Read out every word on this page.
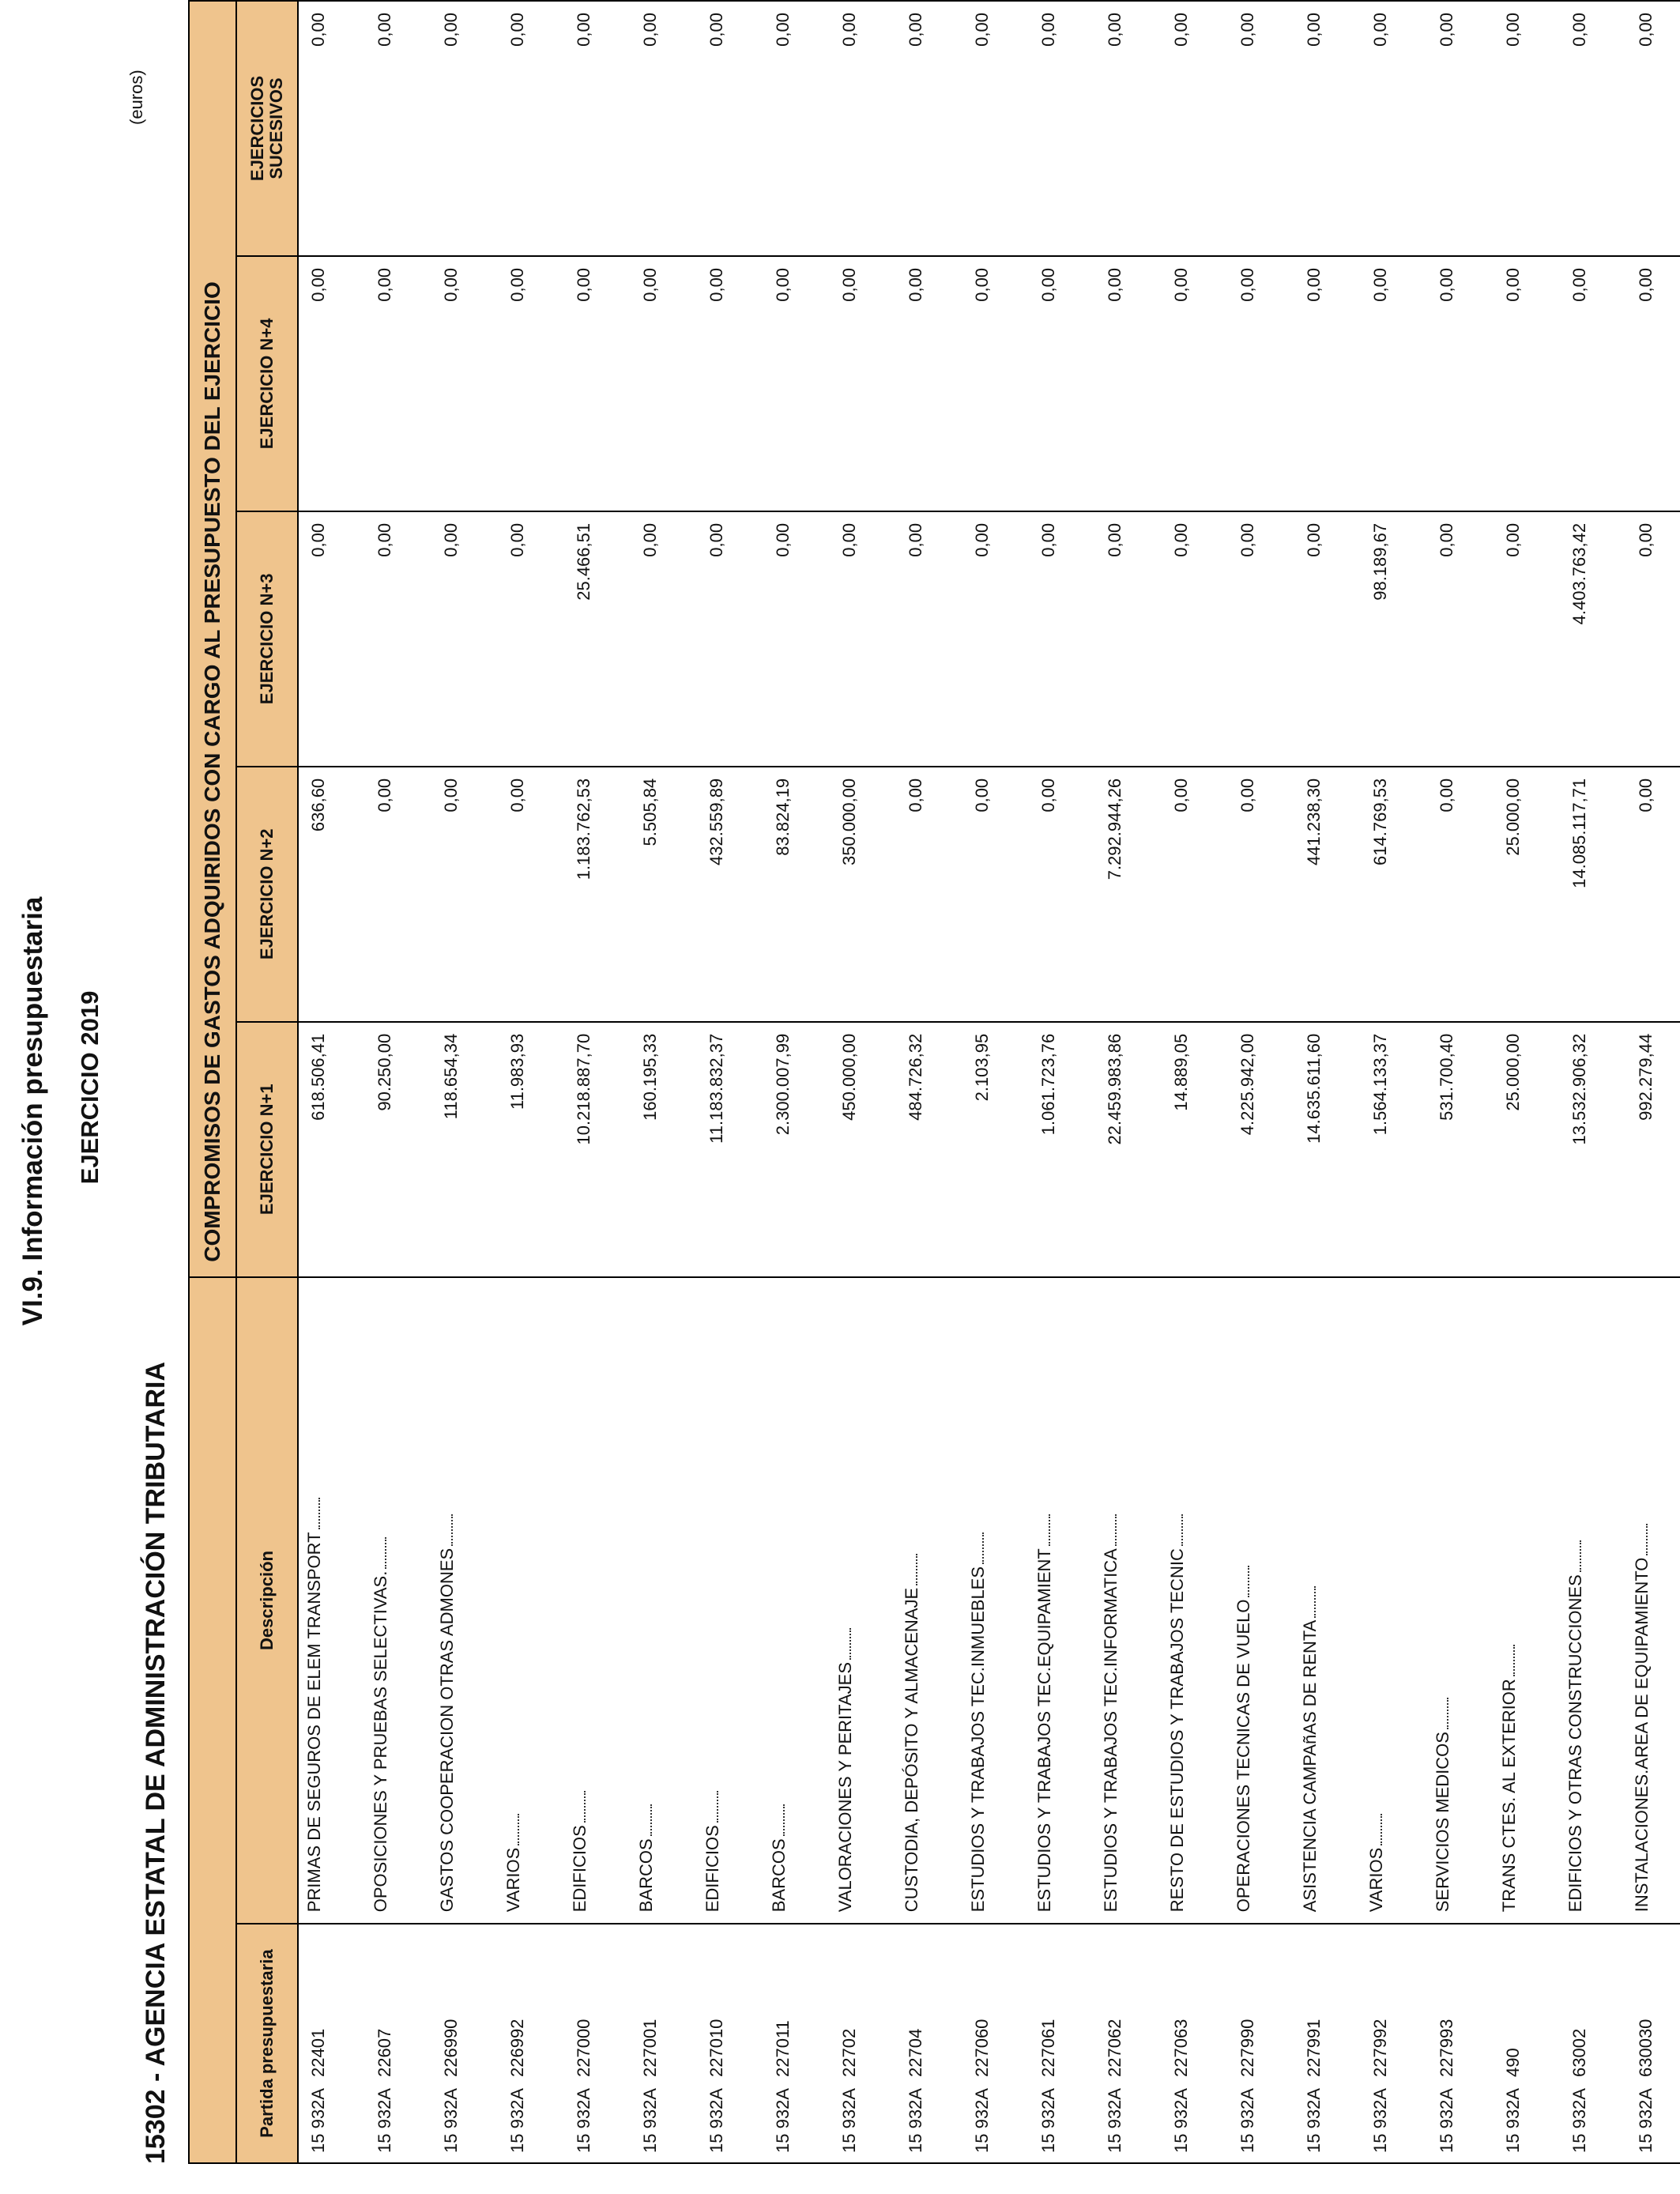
VI.9. Información presupuestaria EJERCICIO 2019
15302 - AGENCIA ESTATAL DE ADMINISTRACIÓN TRIBUTARIA
(euros)
		COMPROMISOS DE GASTOS ADQUIRIDOS CON CARGO AL PRESUPUESTO DEL EJERCICIO				
Partida presupuestaria	Descripción	EJERCICIO N+1	EJERCICIO N+2	EJERCICIO N+3	EJERCICIO N+4	EJERCICIOS SUCESIVOS

15 932A22401	PRIMAS DE SEGUROS DE ELEM TRANSPORT	618.506,41	636,60	0,00	0,00	0,00
15 932A22607	OPOSICIONES Y PRUEBAS SELECTIVAS.	90.250,00	0,00	0,00	0,00	0,00
15 932A226990	GASTOS COOPERACION OTRAS ADMONES	118.654,34	0,00	0,00	0,00	0,00
15 932A226992	VARIOS	11.983,93	0,00	0,00	0,00	0,00
15 932A227000	EDIFICIOS	10.218.887,70	1.183.762,53	25.466,51	0,00	0,00
15 932A227001	BARCOS	160.195,33	5.505,84	0,00	0,00	0,00
15 932A227010	EDIFICIOS	11.183.832,37	432.559,89	0,00	0,00	0,00
15 932A227011	BARCOS	2.300.007,99	83.824,19	0,00	0,00	0,00
15 932A22702	VALORACIONES Y PERITAJES	450.000,00	350.000,00	0,00	0,00	0,00
15 932A22704	CUSTODIA, DEPÓSITO Y ALMACENAJE	484.726,32	0,00	0,00	0,00	0,00
15 932A227060	ESTUDIOS Y TRABAJOS TEC.INMUEBLES	2.103,95	0,00	0,00	0,00	0,00
15 932A227061	ESTUDIOS Y TRABAJOS TEC.EQUIPAMIENT	1.061.723,76	0,00	0,00	0,00	0,00
15 932A227062	ESTUDIOS Y TRABAJOS TEC.INFORMATICA	22.459.983,86	7.292.944,26	0,00	0,00	0,00
15 932A227063	RESTO DE ESTUDIOS Y TRABAJOS TECNIC	14.889,05	0,00	0,00	0,00	0,00
15 932A227990	OPERACIONES TECNICAS DE VUELO	4.225.942,00	0,00	0,00	0,00	0,00
15 932A227991	ASISTENCIA CAMPAñAS DE RENTA	14.635.611,60	441.238,30	0,00	0,00	0,00
15 932A227992	VARIOS	1.564.133,37	614.769,53	98.189,67	0,00	0,00
15 932A227993	SERVICIOS MEDICOS	531.700,40	0,00	0,00	0,00	0,00
15 932A490	TRANS CTES. AL EXTERIOR	25.000,00	25.000,00	0,00	0,00	0,00
15 932A63002	EDIFICIOS Y OTRAS CONSTRUCCIONES	13.532.906,32	14.085.117,71	4.403.763,42	0,00	0,00
15 932A630030	INSTALACIONES.AREA DE EQUIPAMIENTO	992.279,44	0,00	0,00	0,00	0,00
